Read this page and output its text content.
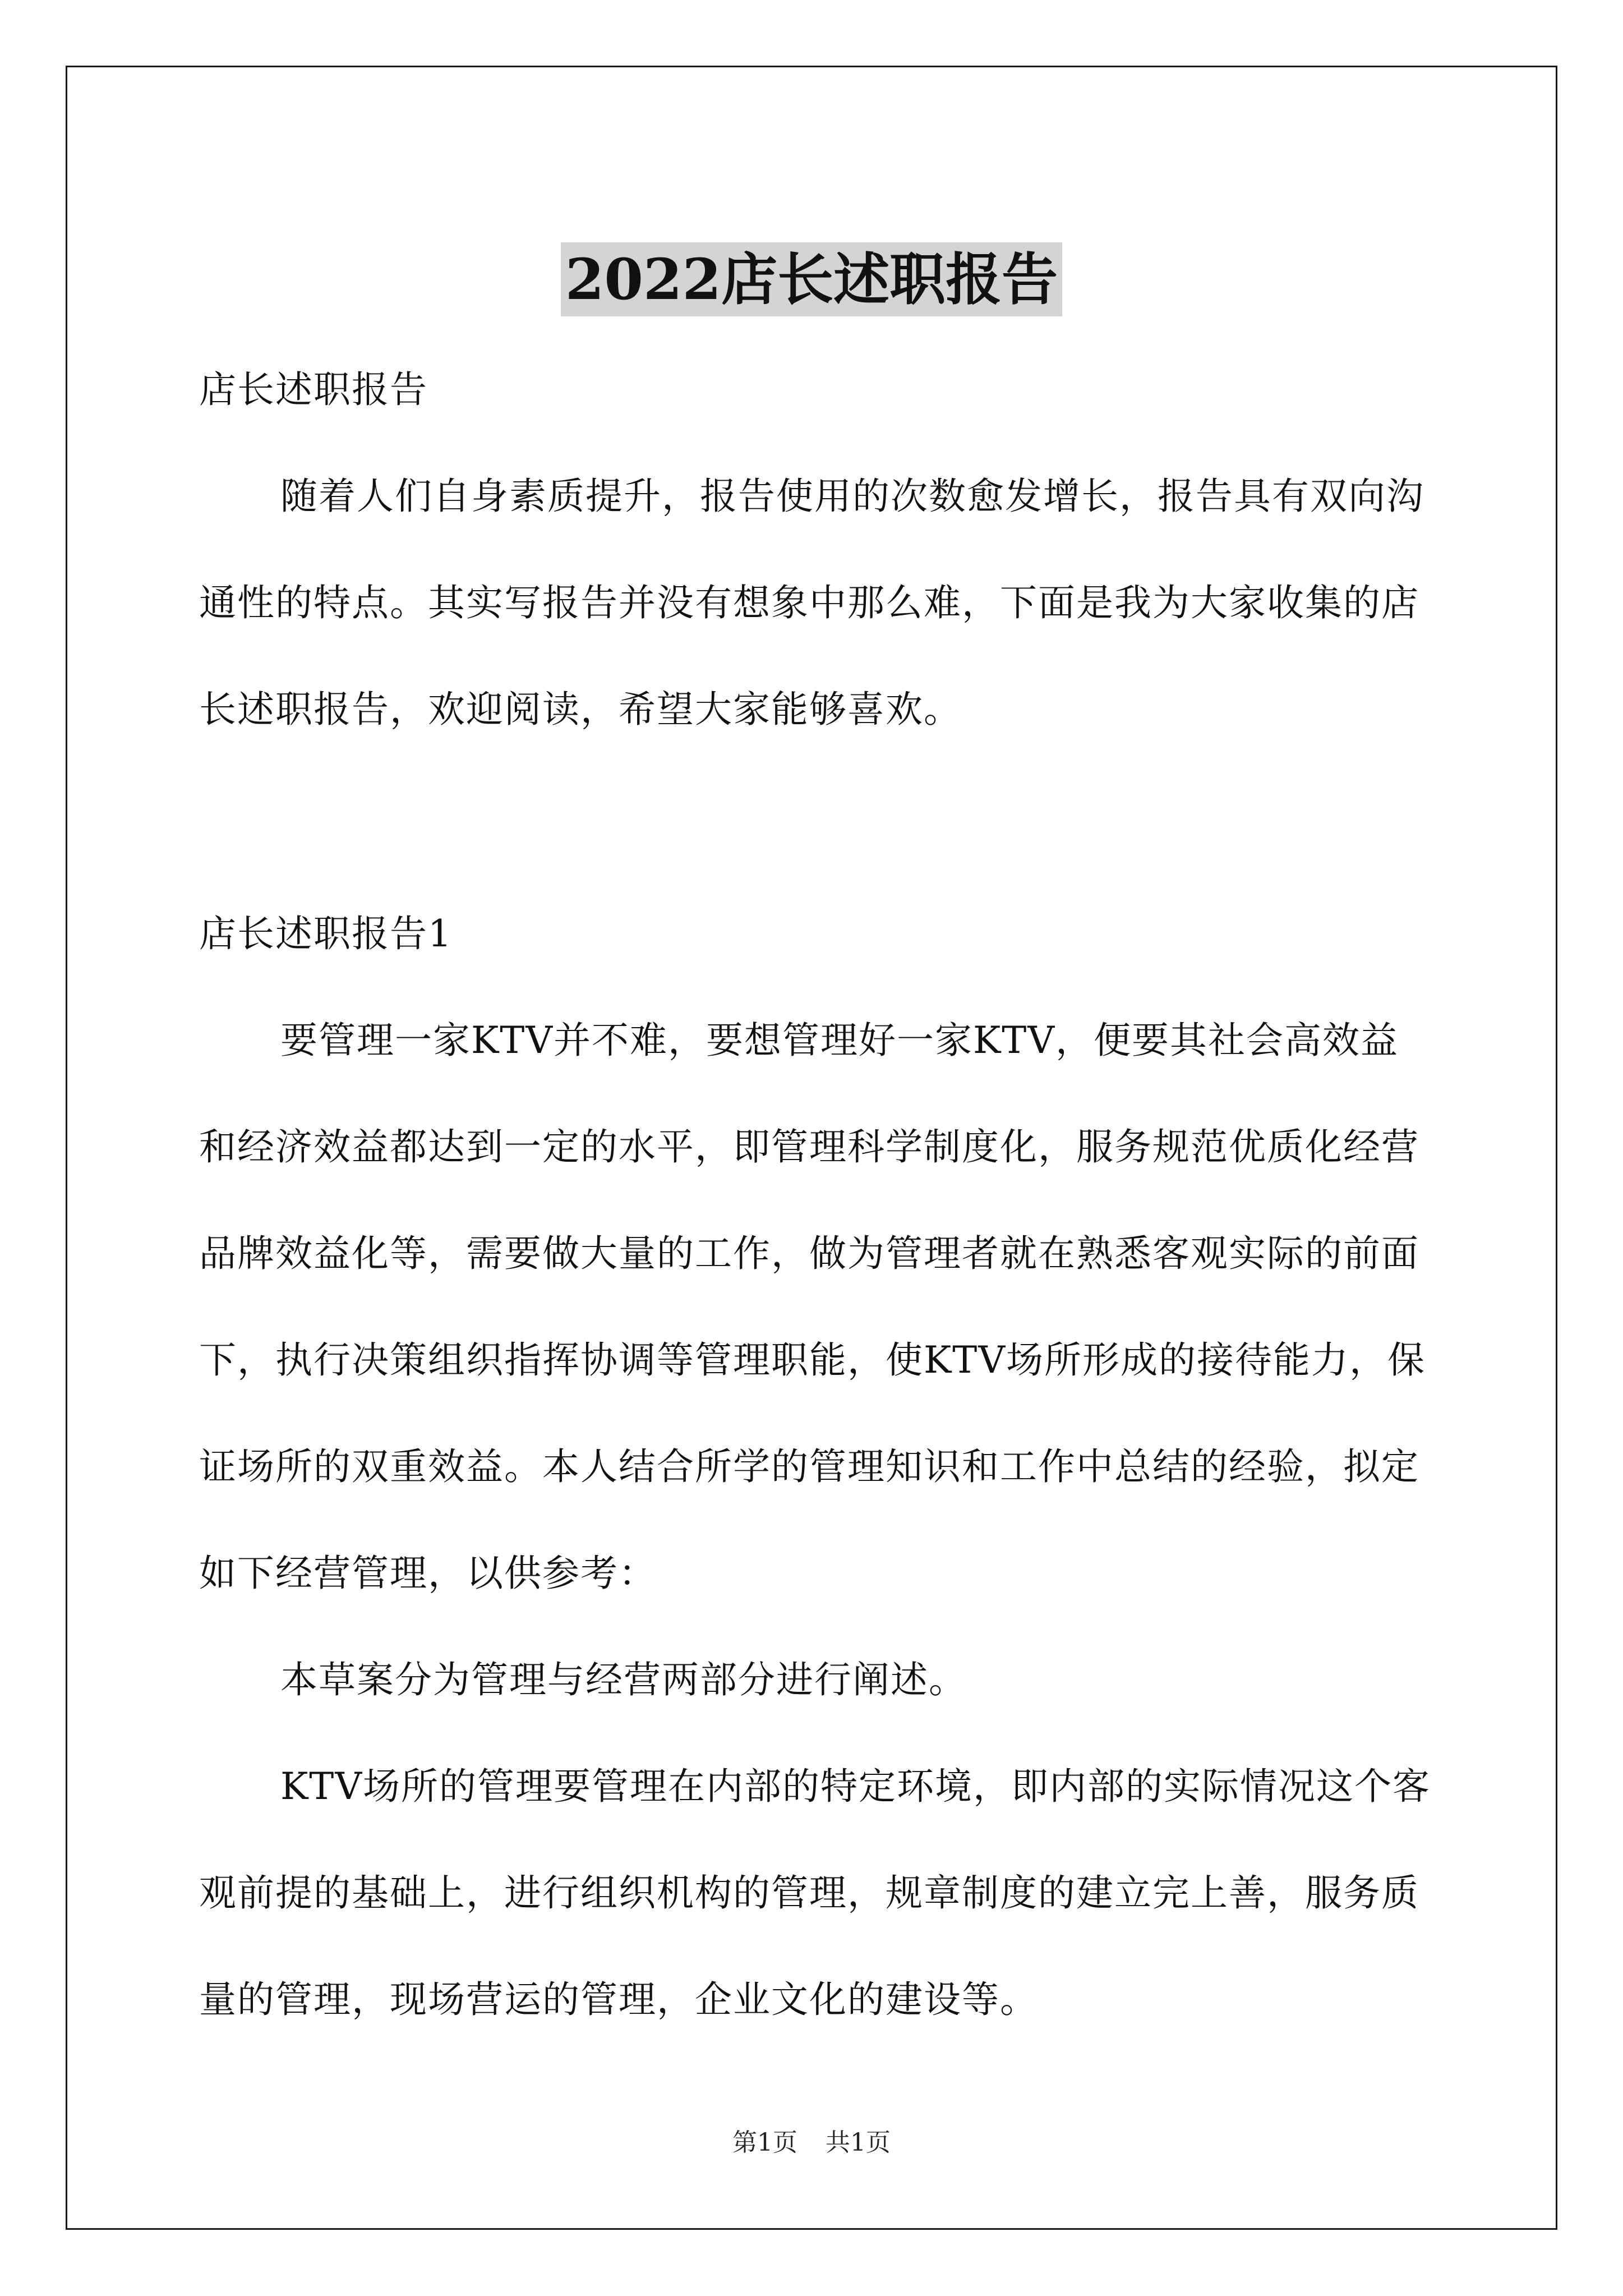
2022店长述职报告

店长述职报告

随着人们自身素质提升，报告使用的次数愈发增长，报告具有双向沟通性的特点。其实写报告并没有想象中那么难，下面是我为大家收集的店长述职报告，欢迎阅读，希望大家能够喜欢。

店长述职报告1

要管理一家KTV并不难，要想管理好一家KTV，便要其社会高效益和经济效益都达到一定的水平，即管理科学制度化，服务规范优质化经营品牌效益化等，需要做大量的工作，做为管理者就在熟悉客观实际的前面下，执行决策组织指挥协调等管理职能，使KTV场所形成的接待能力，保证场所的双重效益。本人结合所学的管理知识和工作中总结的经验，拟定如下经营管理，以供参考：

本草案分为管理与经营两部分进行阐述。

KTV场所的管理要管理在内部的特定环境，即内部的实际情况这个客观前提的基础上，进行组织机构的管理，规章制度的建立完上善，服务质量的管理，现场营运的管理，企业文化的建设等。

第1页 共1页
